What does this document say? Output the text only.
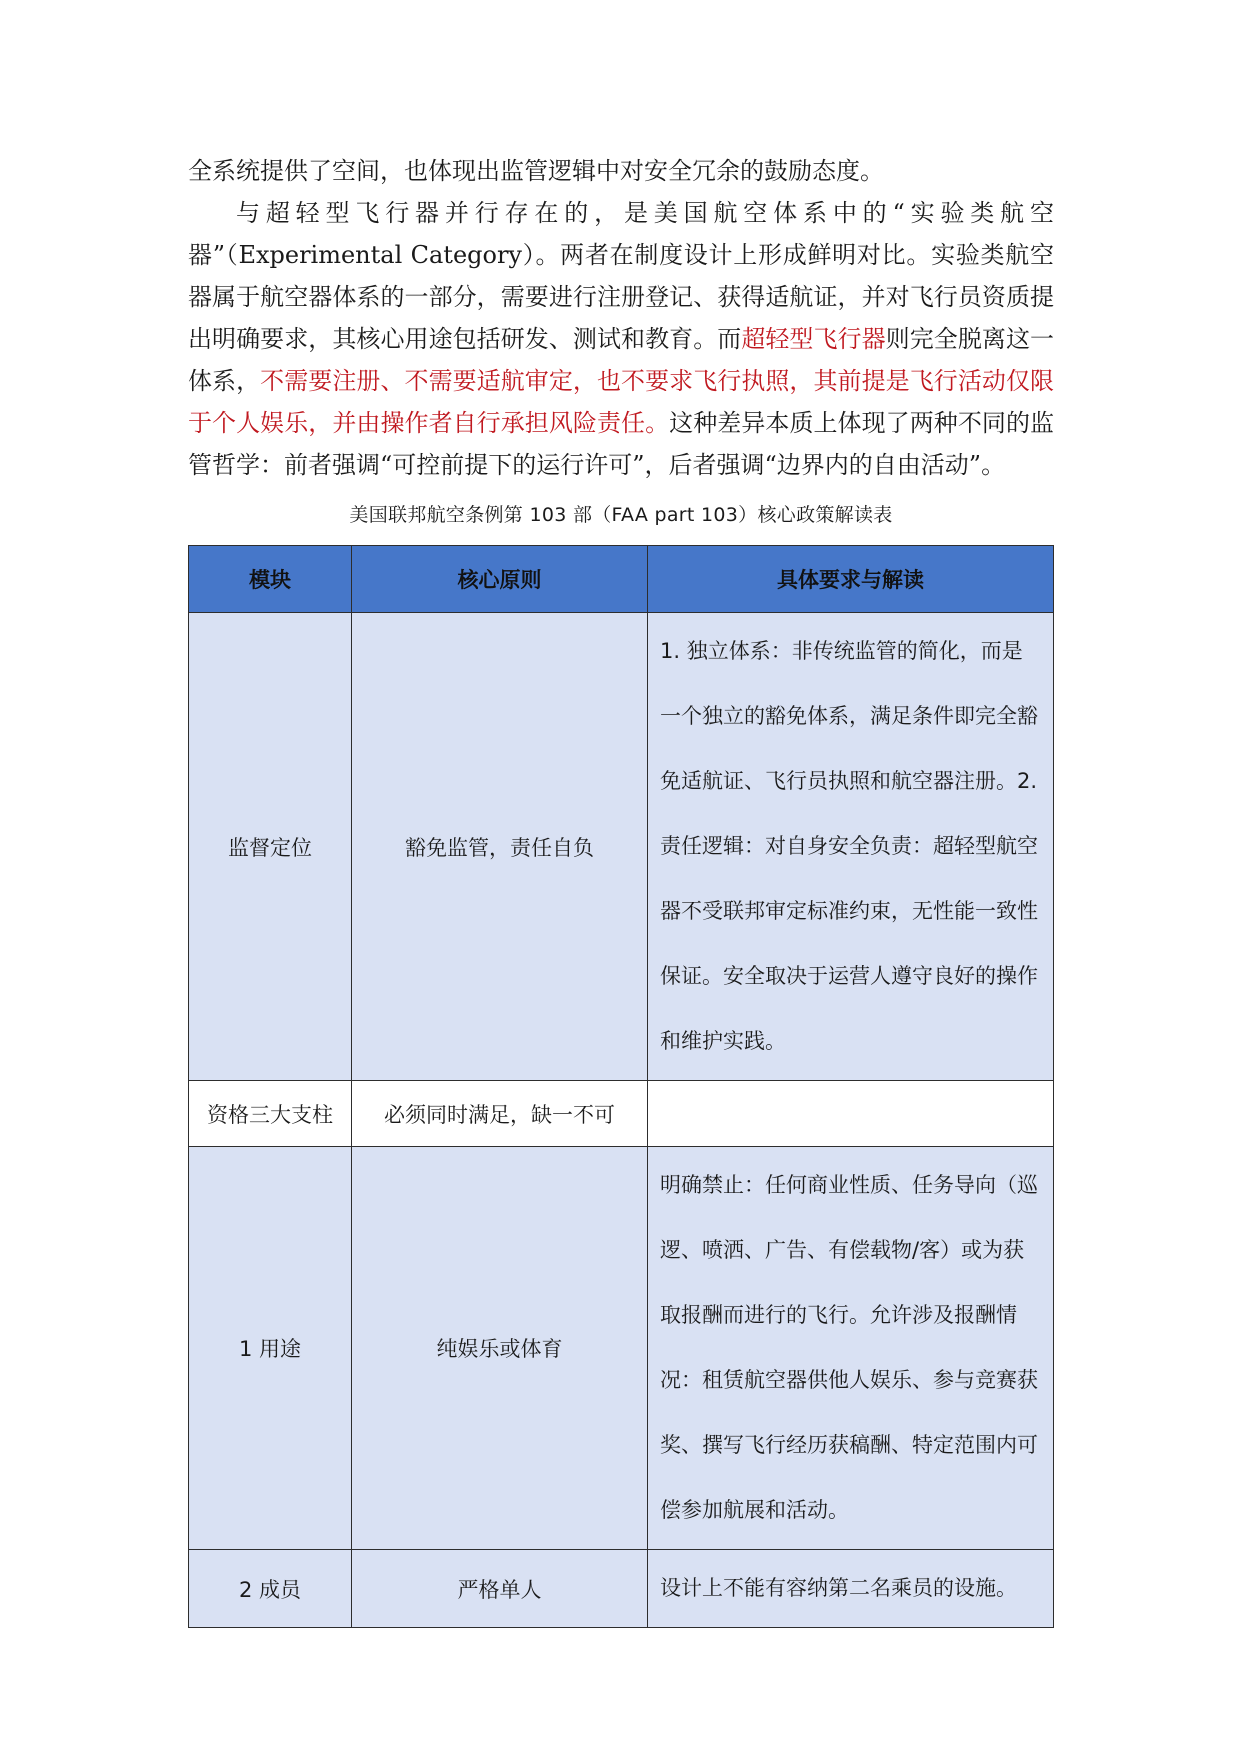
全系统提供了空间，也体现出监管逻辑中对安全冗余的鼓励态度。

与超轻型飞行器并行存在的，是美国航空体系中的“实验类航空器”（Experimental Category）。两者在制度设计上形成鲜明对比。实验类航空器属于航空器体系的一部分，需要进行注册登记、获得适航证，并对飞行员资质提出明确要求，其核心用途包括研发、测试和教育。而超轻型飞行器则完全脱离这一体系，不需要注册、不需要适航审定，也不要求飞行执照，其前提是飞行活动仅限于个人娱乐，并由操作者自行承担风险责任。这种差异本质上体现了两种不同的监管哲学：前者强调“可控前提下的运行许可”，后者强调“边界内的自由活动”。

美国联邦航空条例第 103 部（FAA part 103）核心政策解读表
模块	核心原则	具体要求与解读
监督定位	豁免监管，责任自负	1. 独立体系：非传统监管的简化，而是一个独立的豁免体系，满足条件即完全豁免适航证、飞行员执照和航空器注册。2. 责任逻辑：对自身安全负责：超轻型航空器不受联邦审定标准约束，无性能一致性保证。安全取决于运营人遵守良好的操作和维护实践。
资格三大支柱	必须同时满足，缺一不可	
1 用途	纯娱乐或体育	明确禁止：任何商业性质、任务导向（巡逻、喷洒、广告、有偿载物/客）或为获取报酬而进行的飞行。允许涉及报酬情况：租赁航空器供他人娱乐、参与竞赛获奖、撰写飞行经历获稿酬、特定范围内可偿参加航展和活动。
2 成员	严格单人	设计上不能有容纳第二名乘员的设施。
